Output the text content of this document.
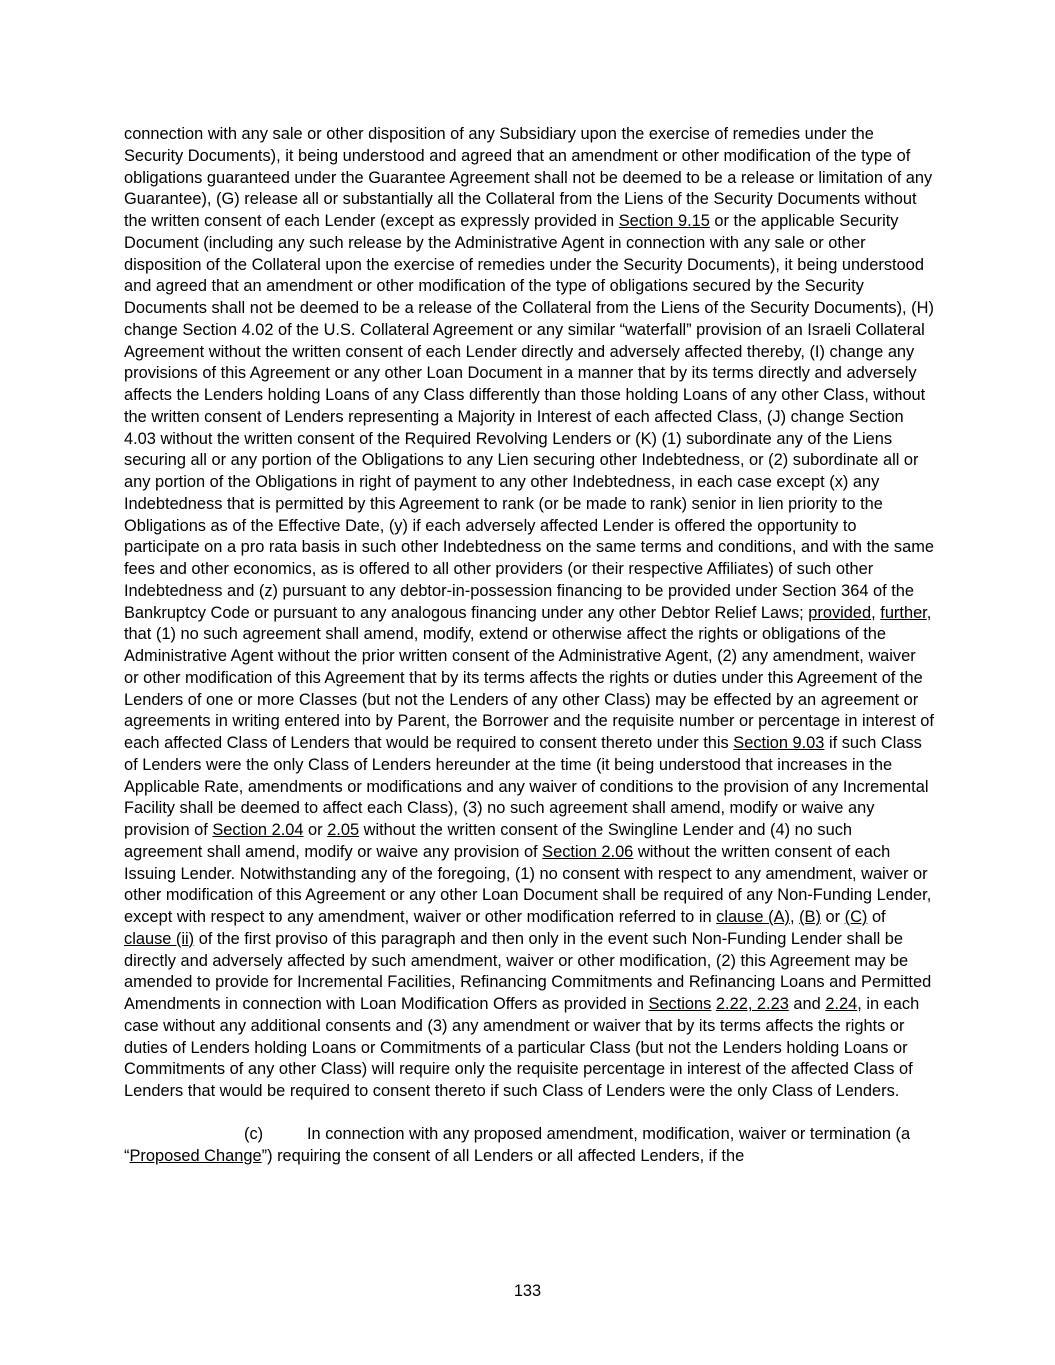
connection with any sale or other disposition of any Subsidiary upon the exercise of remedies under the Security Documents), it being understood and agreed that an amendment or other modification of the type of obligations guaranteed under the Guarantee Agreement shall not be deemed to be a release or limitation of any Guarantee), (G) release all or substantially all the Collateral from the Liens of the Security Documents without the written consent of each Lender (except as expressly provided in Section 9.15 or the applicable Security Document (including any such release by the Administrative Agent in connection with any sale or other disposition of the Collateral upon the exercise of remedies under the Security Documents), it being understood and agreed that an amendment or other modification of the type of obligations secured by the Security Documents shall not be deemed to be a release of the Collateral from the Liens of the Security Documents), (H) change Section 4.02 of the U.S. Collateral Agreement or any similar “waterfall” provision of an Israeli Collateral Agreement without the written consent of each Lender directly and adversely affected thereby, (I) change any provisions of this Agreement or any other Loan Document in a manner that by its terms directly and adversely affects the Lenders holding Loans of any Class differently than those holding Loans of any other Class, without the written consent of Lenders representing a Majority in Interest of each affected Class, (J) change Section 4.03 without the written consent of the Required Revolving Lenders or (K) (1) subordinate any of the Liens securing all or any portion of the Obligations to any Lien securing other Indebtedness, or (2) subordinate all or any portion of the Obligations in right of payment to any other Indebtedness, in each case except (x) any Indebtedness that is permitted by this Agreement to rank (or be made to rank) senior in lien priority to the Obligations as of the Effective Date, (y) if each adversely affected Lender is offered the opportunity to participate on a pro rata basis in such other Indebtedness on the same terms and conditions, and with the same fees and other economics, as is offered to all other providers (or their respective Affiliates) of such other Indebtedness and (z) pursuant to any debtor-in-possession financing to be provided under Section 364 of the Bankruptcy Code or pursuant to any analogous financing under any other Debtor Relief Laws; provided, further, that (1) no such agreement shall amend, modify, extend or otherwise affect the rights or obligations of the Administrative Agent without the prior written consent of the Administrative Agent, (2) any amendment, waiver or other modification of this Agreement that by its terms affects the rights or duties under this Agreement of the Lenders of one or more Classes (but not the Lenders of any other Class) may be effected by an agreement or agreements in writing entered into by Parent, the Borrower and the requisite number or percentage in interest of each affected Class of Lenders that would be required to consent thereto under this Section 9.03 if such Class of Lenders were the only Class of Lenders hereunder at the time (it being understood that increases in the Applicable Rate, amendments or modifications and any waiver of conditions to the provision of any Incremental Facility shall be deemed to affect each Class), (3) no such agreement shall amend, modify or waive any provision of Section 2.04 or 2.05 without the written consent of the Swingline Lender and (4) no such agreement shall amend, modify or waive any provision of Section 2.06 without the written consent of each Issuing Lender. Notwithstanding any of the foregoing, (1) no consent with respect to any amendment, waiver or other modification of this Agreement or any other Loan Document shall be required of any Non-Funding Lender, except with respect to any amendment, waiver or other modification referred to in clause (A), (B) or (C) of clause (ii) of the first proviso of this paragraph and then only in the event such Non-Funding Lender shall be directly and adversely affected by such amendment, waiver or other modification, (2) this Agreement may be amended to provide for Incremental Facilities, Refinancing Commitments and Refinancing Loans and Permitted Amendments in connection with Loan Modification Offers as provided in Sections 2.22, 2.23 and 2.24, in each case without any additional consents and (3) any amendment or waiver that by its terms affects the rights or duties of Lenders holding Loans or Commitments of a particular Class (but not the Lenders holding Loans or Commitments of any other Class) will require only the requisite percentage in interest of the affected Class of Lenders that would be required to consent thereto if such Class of Lenders were the only Class of Lenders.

(c)	In connection with any proposed amendment, modification, waiver or termination (a “Proposed Change”) requiring the consent of all Lenders or all affected Lenders, if the

133
